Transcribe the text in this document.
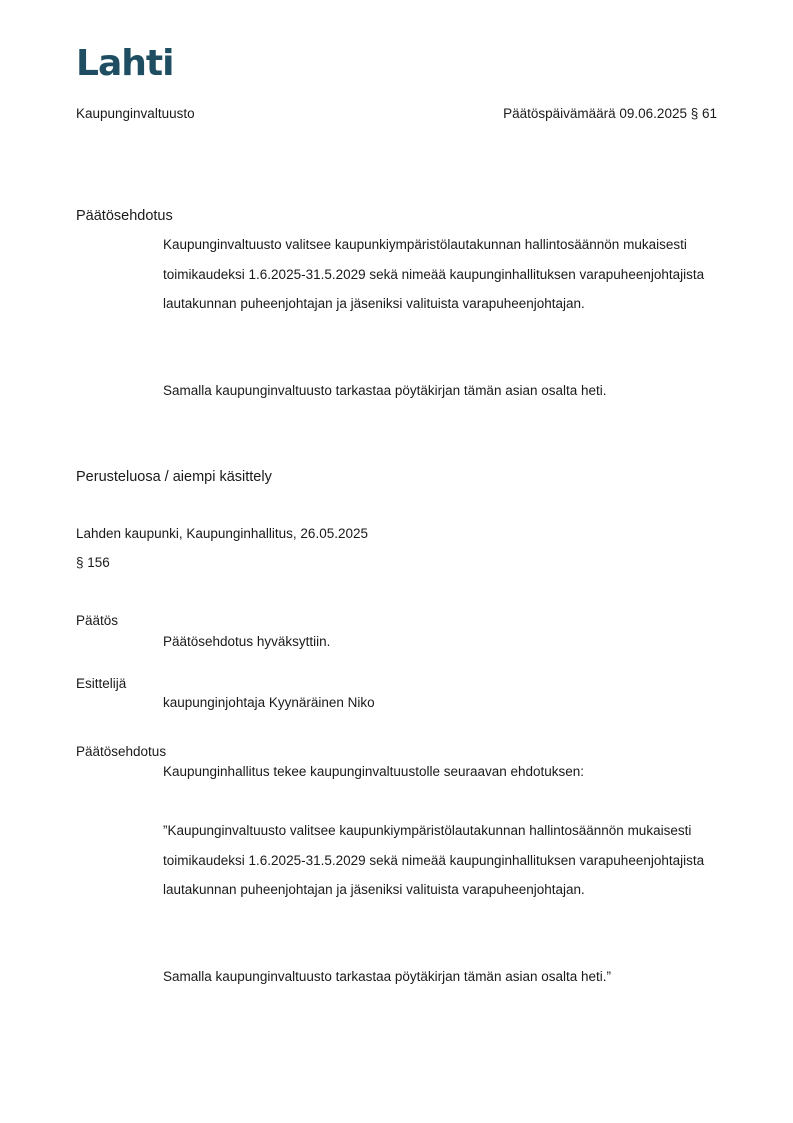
Lahti
Kaupunginvaltuusto	Päätöspäivämäärä 09.06.2025 § 61
Päätösehdotus
Kaupunginvaltuusto valitsee kaupunkiympäristölautakunnan hallintosäännön mukaisesti toimikaudeksi 1.6.2025-31.5.2029 sekä nimeää kaupunginhallituksen varapuheenjohtajista lautakunnan puheenjohtajan ja jäseniksi valituista varapuheenjohtajan.
Samalla kaupunginvaltuusto tarkastaa pöytäkirjan tämän asian osalta heti.
Perusteluosa / aiempi käsittely
Lahden kaupunki, Kaupunginhallitus, 26.05.2025
§ 156
Päätös
Päätösehdotus hyväksyttiin.
Esittelijä
kaupunginjohtaja Kyynäräinen Niko
Päätösehdotus
Kaupunginhallitus tekee kaupunginvaltuustolle seuraavan ehdotuksen:
”Kaupunginvaltuusto valitsee kaupunkiympäristölautakunnan hallintosäännön mukaisesti toimikaudeksi 1.6.2025-31.5.2029 sekä nimeää kaupunginhallituksen varapuheenjohtajista lautakunnan puheenjohtajan ja jäseniksi valituista varapuheenjohtajan.
Samalla kaupunginvaltuusto tarkastaa pöytäkirjan tämän asian osalta heti.”
